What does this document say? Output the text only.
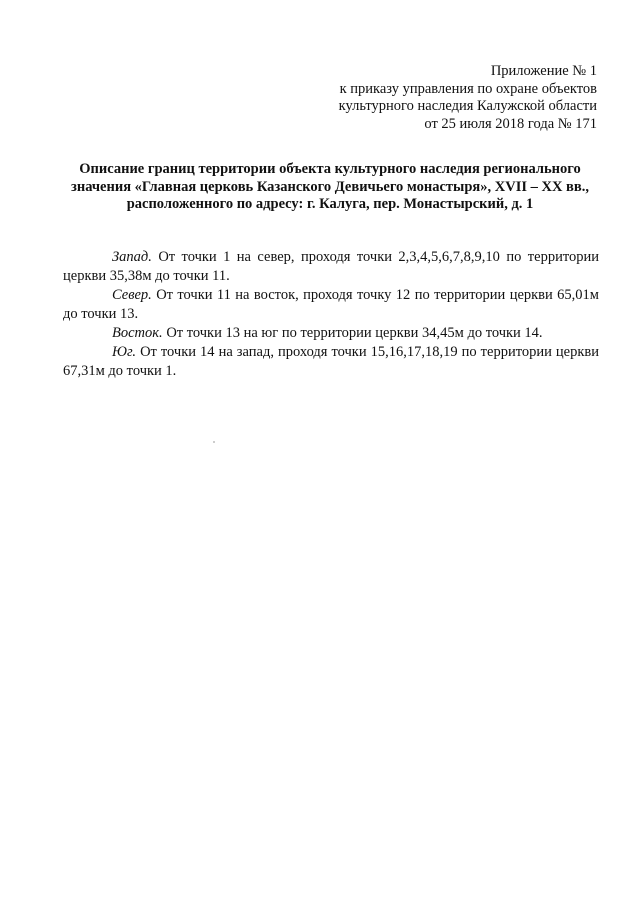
Приложение № 1
к приказу управления по охране объектов
культурного наследия Калужской области
от 25 июля 2018 года № 171
Описание границ территории объекта культурного наследия регионального
значения «Главная церковь Казанского Девичьего монастыря», XVII – XX вв.,
расположенного по адресу: г. Калуга, пер. Монастырский, д. 1

Запад. От точки 1 на север, проходя точки 2,3,4,5,6,7,8,9,10 по территории церкви 35,38м до точки 11.

Север. От точки 11 на восток, проходя точку 12 по территории церкви 65,01м до точки 13.

Восток. От точки 13 на юг по территории церкви 34,45м до точки 14.

Юг. От точки 14 на запад, проходя точки 15,16,17,18,19 по территории церкви 67,31м до точки 1.
